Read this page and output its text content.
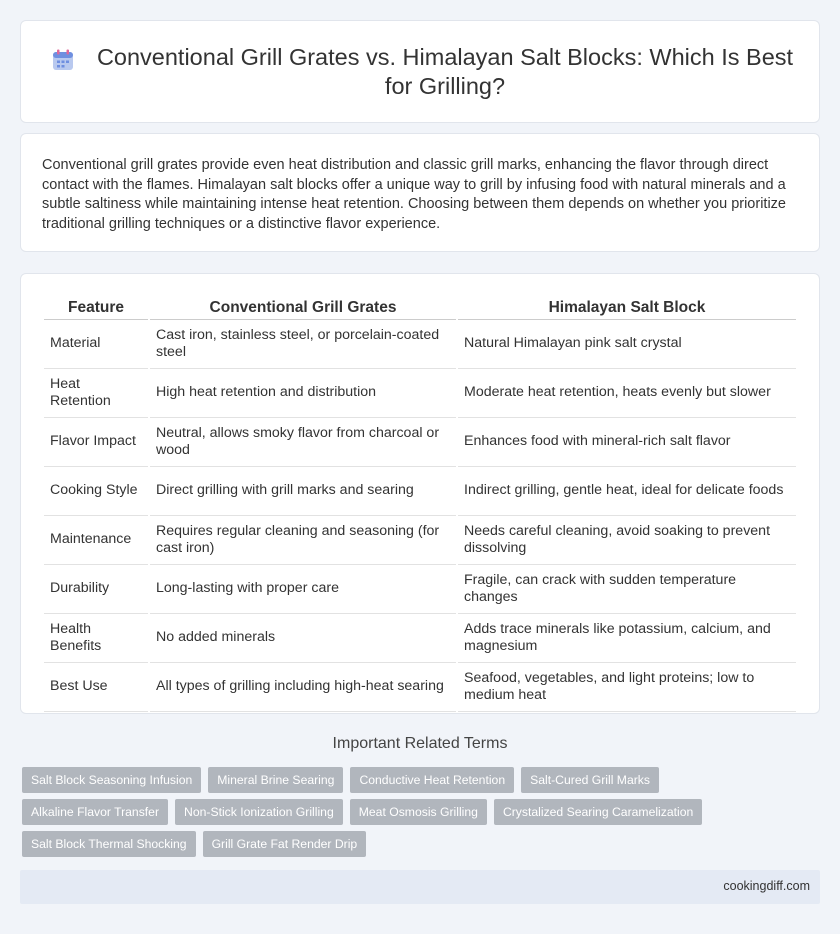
Conventional Grill Grates vs. Himalayan Salt Blocks: Which Is Best for Grilling?

Conventional grill grates provide even heat distribution and classic grill marks, enhancing the flavor through direct contact with the flames. Himalayan salt blocks offer a unique way to grill by infusing food with natural minerals and a subtle saltiness while maintaining intense heat retention. Choosing between them depends on whether you prioritize traditional grilling techniques or a distinctive flavor experience.

Feature	Conventional Grill Grates	Himalayan Salt Block
Material	Cast iron, stainless steel, or porcelain-coated steel	Natural Himalayan pink salt crystal
Heat Retention	High heat retention and distribution	Moderate heat retention, heats evenly but slower
Flavor Impact	Neutral, allows smoky flavor from charcoal or wood	Enhances food with mineral-rich salt flavor
Cooking Style	Direct grilling with grill marks and searing	Indirect grilling, gentle heat, ideal for delicate foods
Maintenance	Requires regular cleaning and seasoning (for cast iron)	Needs careful cleaning, avoid soaking to prevent dissolving
Durability	Long-lasting with proper care	Fragile, can crack with sudden temperature changes
Health Benefits	No added minerals	Adds trace minerals like potassium, calcium, and magnesium
Best Use	All types of grilling including high-heat searing	Seafood, vegetables, and light proteins; low to medium heat
Important Related Terms
Salt Block Seasoning Infusion	Mineral Brine Searing	Conductive Heat Retention	Salt-Cured Grill Marks
Alkaline Flavor Transfer	Non-Stick Ionization Grilling	Meat Osmosis Grilling	Crystalized Searing Caramelization
Salt Block Thermal Shocking	Grill Grate Fat Render Drip
cookingdiff.com
